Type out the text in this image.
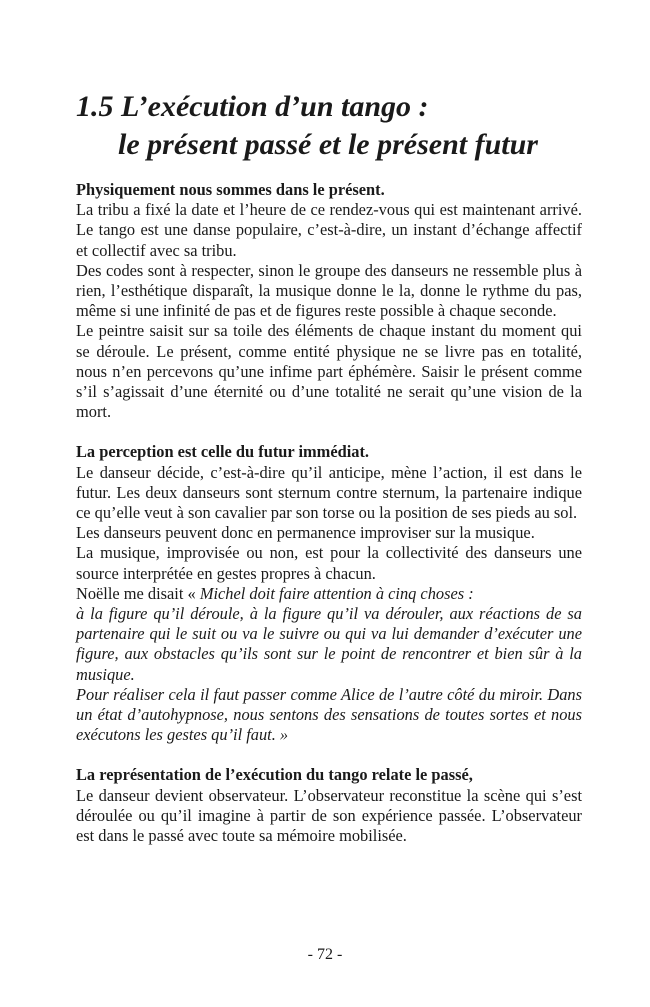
1.5 L’exécution d’un tango :
le présent passé et le présent futur

Physiquement nous sommes dans le présent.

La tribu a fixé la date et l’heure de ce rendez-vous qui est maintenant arrivé. Le tango est une danse populaire, c’est-à-dire, un instant d’échange affectif et collectif avec sa tribu.

Des codes sont à respecter, sinon le groupe des danseurs ne ressemble plus à rien, l’esthétique disparaît, la musique donne le la, donne le rythme du pas, même si une infinité de pas et de figures reste possible à chaque seconde.

Le peintre saisit sur sa toile des éléments de chaque instant du moment qui se déroule. Le présent, comme entité physique ne se livre pas en totalité, nous n’en percevons qu’une infime part éphémère. Saisir le présent comme s’il s’agissait d’une éternité ou d’une totalité ne serait qu’une vision de la mort.

La perception est celle du futur immédiat.

Le danseur décide, c’est-à-dire qu’il anticipe, mène l’action, il est dans le futur. Les deux danseurs sont sternum contre sternum, la partenaire indique ce qu’elle veut à son cavalier par son torse ou la position de ses pieds au sol.

Les danseurs peuvent donc en permanence improviser sur la musique.

La musique, improvisée ou non, est pour la collectivité des danseurs une source interprétée en gestes propres à chacun.

Noëlle me disait « Michel doit faire attention à cinq choses :

à la figure qu’il déroule, à la figure qu’il va dérouler, aux réactions de sa partenaire qui le suit ou va le suivre ou qui va lui demander d’exécuter une figure, aux obstacles qu’ils sont sur le point de rencontrer et bien sûr à la musique.

Pour réaliser cela il faut passer comme Alice de l’autre côté du miroir. Dans un état d’autohypnose, nous sentons des sensations de toutes sortes et nous exécutons les gestes qu’il faut. »

La représentation de l’exécution du tango relate le passé,

Le danseur devient observateur. L’observateur reconstitue la scène qui s’est déroulée ou qu’il imagine à partir de son expérience passée. L’observateur est dans le passé avec toute sa mémoire mobilisée.

- 72 -
